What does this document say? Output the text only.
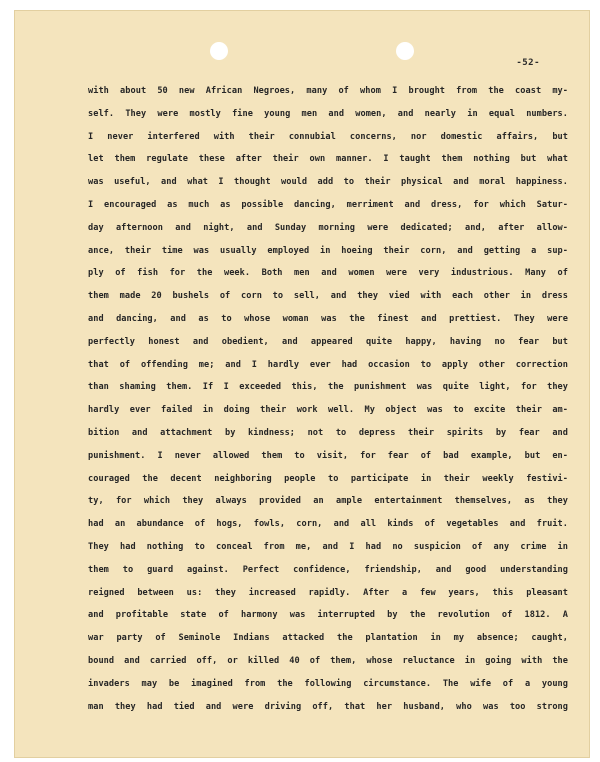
-52-
with about 50 new African Negroes, many of whom I brought from the coast my-
self. They were mostly fine young men and women, and nearly in equal numbers.
I never interfered with their connubial concerns, nor domestic affairs, but
let them regulate these after their own manner. I taught them nothing but what
was useful, and what I thought would add to their physical and moral happiness.
I encouraged as much as possible dancing, merriment and dress, for which Satur-
day afternoon and night, and Sunday morning were dedicated; and, after allow-
ance, their time was usually employed in hoeing their corn, and getting a sup-
ply of fish for the week. Both men and women were very industrious. Many of
them made 20 bushels of corn to sell, and they vied with each other in dress
and dancing, and as to whose woman was the finest and prettiest. They were
perfectly honest and obedient, and appeared quite happy, having no fear but
that of offending me; and I hardly ever had occasion to apply other correction
than shaming them. If I exceeded this, the punishment was quite light, for they
hardly ever failed in doing their work well. My object was to excite their am-
bition and attachment by kindness; not to depress their spirits by fear and
punishment. I never allowed them to visit, for fear of bad example, but en-
couraged the decent neighboring people to participate in their weekly festivi-
ty, for which they always provided an ample entertainment themselves, as they
had an abundance of hogs, fowls, corn, and all kinds of vegetables and fruit.
They had nothing to conceal from me, and I had no suspicion of any crime in
them to guard against. Perfect confidence, friendship, and good understanding
reigned between us: they increased rapidly. After a few years, this pleasant
and profitable state of harmony was interrupted by the revolution of 1812. A
war party of Seminole Indians attacked the plantation in my absence; caught,
bound and carried off, or killed 40 of them, whose reluctance in going with the
invaders may be imagined from the following circumstance. The wife of a young
man they had tied and were driving off, that her husband, who was too strong
